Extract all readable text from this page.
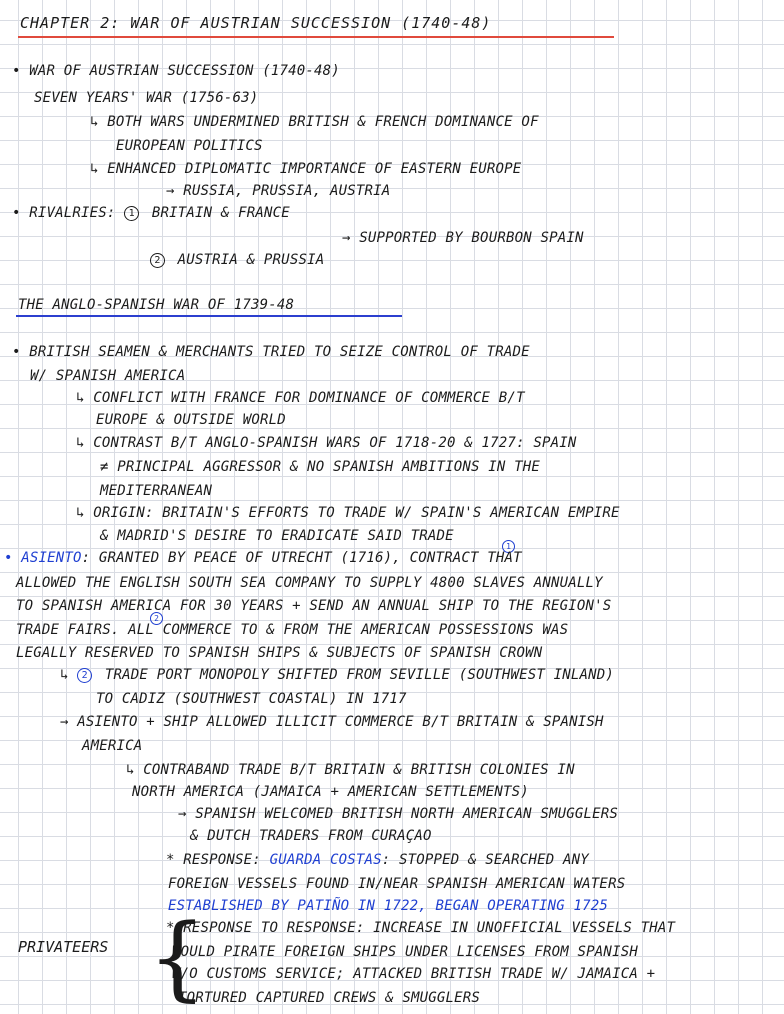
CHAPTER 2: WAR OF AUSTRIAN SUCCESSION (1740-48)
• WAR OF AUSTRIAN SUCCESSION (1740-48)
SEVEN YEARS' WAR (1756-63)
↳ BOTH WARS UNDERMINED BRITISH & FRENCH DOMINANCE OF
EUROPEAN POLITICS
↳ ENHANCED DIPLOMATIC IMPORTANCE OF EASTERN EUROPE
→ RUSSIA, PRUSSIA, AUSTRIA
• RIVALRIES: 1 BRITAIN & FRANCE
→ SUPPORTED BY BOURBON SPAIN
2 AUSTRIA & PRUSSIA
THE ANGLO-SPANISH WAR OF 1739-48
• BRITISH SEAMEN & MERCHANTS TRIED TO SEIZE CONTROL OF TRADE
W/ SPANISH AMERICA
↳ CONFLICT WITH FRANCE FOR DOMINANCE OF COMMERCE B/T
EUROPE & OUTSIDE WORLD
↳ CONTRAST B/T ANGLO-SPANISH WARS OF 1718-20 & 1727: SPAIN
≠ PRINCIPAL AGGRESSOR & NO SPANISH AMBITIONS IN THE
MEDITERRANEAN
↳ ORIGIN: BRITAIN'S EFFORTS TO TRADE W/ SPAIN'S AMERICAN EMPIRE
& MADRID'S DESIRE TO ERADICATE SAID TRADE
1
• ASIENTO: GRANTED BY PEACE OF UTRECHT (1716), CONTRACT THAT
ALLOWED THE ENGLISH SOUTH SEA COMPANY TO SUPPLY 4800 SLAVES ANNUALLY
TO SPANISH AMERICA FOR 30 YEARS + SEND AN ANNUAL SHIP TO THE REGION'S
2
TRADE FAIRS. ALL COMMERCE TO & FROM THE AMERICAN POSSESSIONS WAS
LEGALLY RESERVED TO SPANISH SHIPS & SUBJECTS OF SPANISH CROWN
↳ 2 TRADE PORT MONOPOLY SHIFTED FROM SEVILLE (SOUTHWEST INLAND)
TO CADIZ (SOUTHWEST COASTAL) IN 1717
→ ASIENTO + SHIP ALLOWED ILLICIT COMMERCE B/T BRITAIN & SPANISH
AMERICA
↳ CONTRABAND TRADE B/T BRITAIN & BRITISH COLONIES IN
NORTH AMERICA (JAMAICA + AMERICAN SETTLEMENTS)
→ SPANISH WELCOMED BRITISH NORTH AMERICAN SMUGGLERS
& DUTCH TRADERS FROM CURAÇAO
* RESPONSE: GUARDA COSTAS: STOPPED & SEARCHED ANY
FOREIGN VESSELS FOUND IN/NEAR SPANISH AMERICAN WATERS
ESTABLISHED BY PATIÑO IN 1722, BEGAN OPERATING 1725
{
PRIVATEERS
* RESPONSE TO RESPONSE: INCREASE IN UNOFFICIAL VESSELS THAT
WOULD PIRATE FOREIGN SHIPS UNDER LICENSES FROM SPANISH
W/O CUSTOMS SERVICE; ATTACKED BRITISH TRADE W/ JAMAICA +
TORTURED CAPTURED CREWS & SMUGGLERS
